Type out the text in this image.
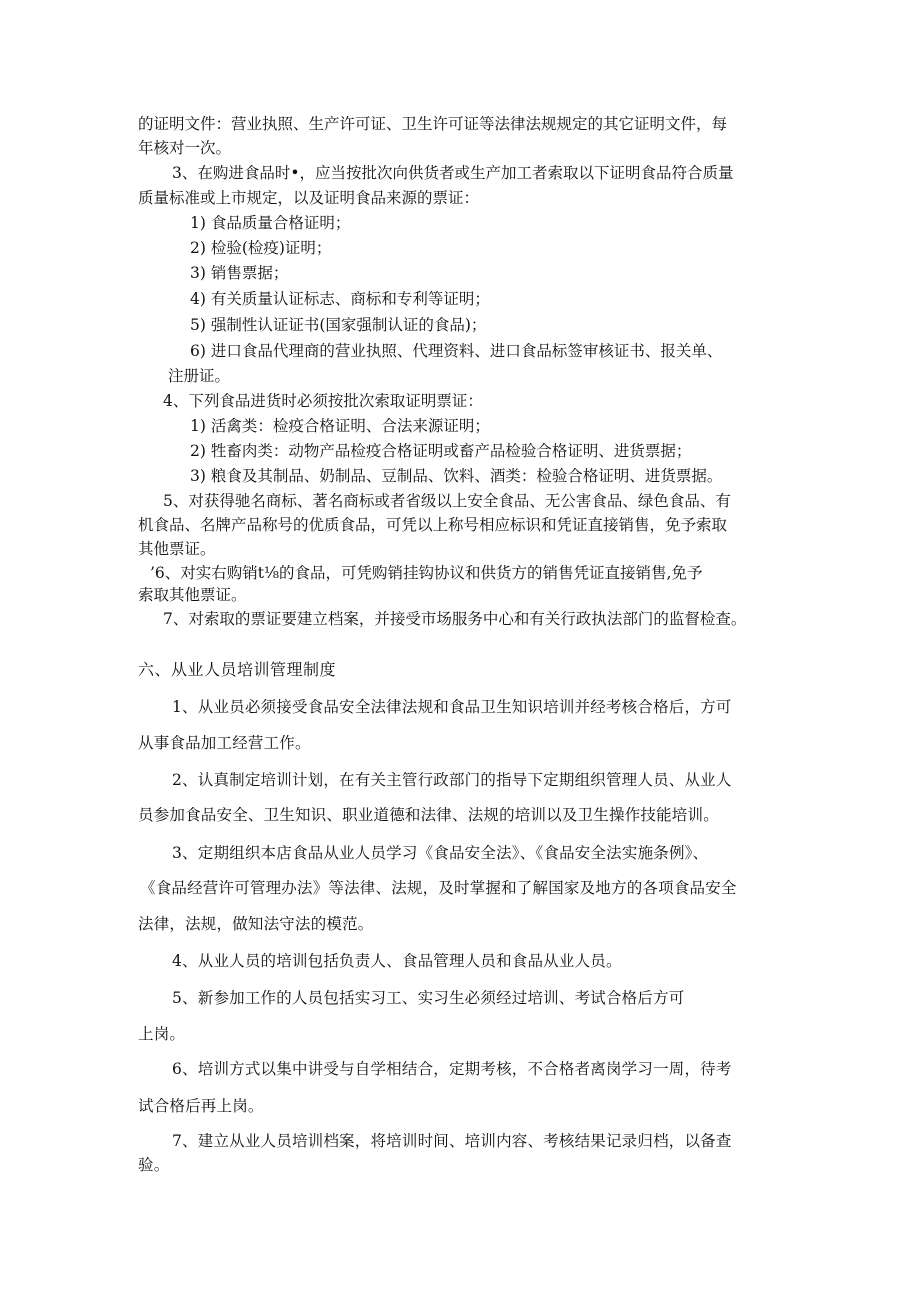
的证明文件：营业执照、生产许可证、卫生许可证等法律法规规定的其它证明文件，每
年核对一次。
3、在购进食品时•，应当按批次向供货者或生产加工者索取以下证明食品符合质量
质量标准或上市规定，以及证明食品来源的票证：
1) 食品质量合格证明；
2) 检验(检疫)证明；
3) 销售票据；
4) 有关质量认证标志、商标和专利等证明；
5) 强制性认证证书(国家强制认证的食品)；
6) 进口食品代理商的营业执照、代理资料、进口食品标签审核证书、报关单、
注册证。
4、下列食品进货时必须按批次索取证明票证：
1) 活禽类：检疫合格证明、合法来源证明；
2) 牲畜肉类：动物产品检疫合格证明或畜产品检验合格证明、进货票据；
3) 粮食及其制品、奶制品、豆制品、饮料、酒类：检验合格证明、进货票据。
5、对获得驰名商标、著名商标或者省级以上安全食品、无公害食品、绿色食品、有
机食品、名牌产品称号的优质食品，可凭以上称号相应标识和凭证直接销售，免予索取
其他票证。
’6、对实右购销t⅛的食品，可凭购销挂钩协议和供货方的销售凭证直接销售,免予
索取其他票证。
7、对索取的票证要建立档案，并接受市场服务中心和有关行政执法部门的监督检查。
六、从业人员培训管理制度
1、从业员必须接受食品安全法律法规和食品卫生知识培训并经考核合格后，方可
从事食品加工经营工作。
2、认真制定培训计划，在有关主管行政部门的指导下定期组织管理人员、从业人
员参加食品安全、卫生知识、职业道德和法律、法规的培训以及卫生操作技能培训。
3、定期组织本店食品从业人员学习《食品安全法》、《食品安全法实施条例》、
《食品经营许可管理办法》等法律、法规，及时掌握和了解国家及地方的各项食品安全
法律，法规，做知法守法的模范。
4、从业人员的培训包括负责人、食品管理人员和食品从业人员。
5、新参加工作的人员包括实习工、实习生必须经过培训、考试合格后方可
上岗。
6、培训方式以集中讲受与自学相结合，定期考核，不合格者离岗学习一周，待考
试合格后再上岗。
7、建立从业人员培训档案，将培训时间、培训内容、考核结果记录归档，以备查
验。
